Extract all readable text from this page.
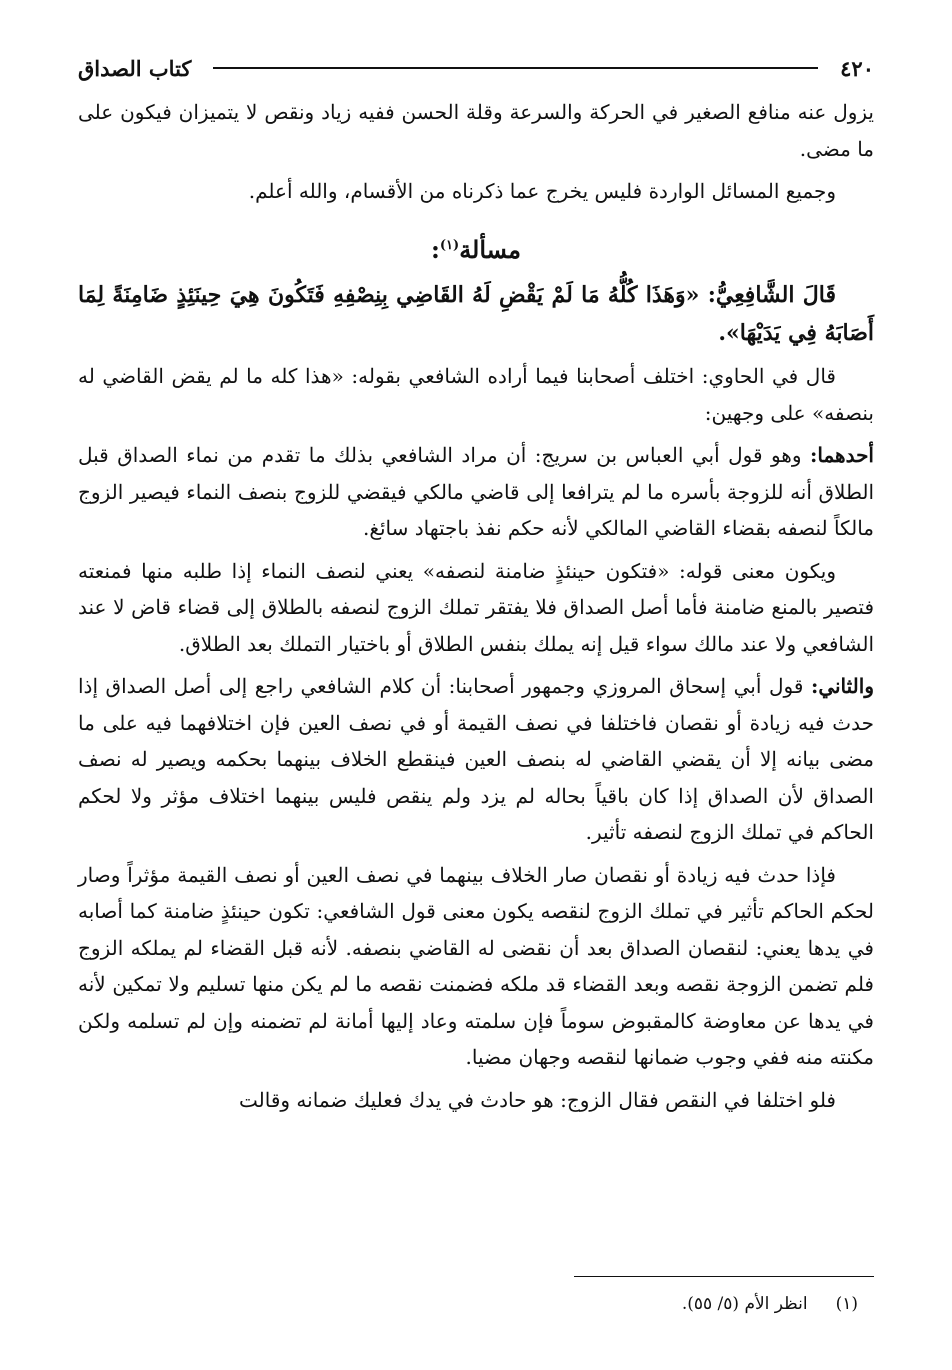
٤٢٠
كتاب الصداق

يزول عنه منافع الصغير في الحركة والسرعة وقلة الحسن ففيه زياد ونقص لا يتميزان فيكون على ما مضى.

وجميع المسائل الواردة فليس يخرج عما ذكرناه من الأقسام، والله أعلم.

مسألة$^{(١)}$:

قَالَ الشَّافِعِيُّ: «وَهَذَا كُلُّهُ مَا لَمْ يَقْضِ لَهُ القَاضِي بِنِصْفِهِ فَتَكُونَ هِيَ حِينَئِذٍ ضَامِنَةً لِمَا أَصَابَهُ فِي يَدَيْهَا».

قال في الحاوي: اختلف أصحابنا فيما أراده الشافعي بقوله: «هذا كله ما لم يقض القاضي له بنصفه» على وجهين:

أحدهما: وهو قول أبي العباس بن سريج: أن مراد الشافعي بذلك ما تقدم من نماء الصداق قبل الطلاق أنه للزوجة بأسره ما لم يترافعا إلى قاضي مالكي فيقضي للزوج بنصف النماء فيصير الزوج مالكاً لنصفه بقضاء القاضي المالكي لأنه حكم نفذ باجتهاد سائغ.

ويكون معنى قوله: «فتكون حينئذٍ ضامنة لنصفه» يعني لنصف النماء إذا طلبه منها فمنعته فتصير بالمنع ضامنة فأما أصل الصداق فلا يفتقر تملك الزوج لنصفه بالطلاق إلى قضاء قاض لا عند الشافعي ولا عند مالك سواء قيل إنه يملك بنفس الطلاق أو باختيار التملك بعد الطلاق.

والثاني: قول أبي إسحاق المروزي وجمهور أصحابنا: أن كلام الشافعي راجع إلى أصل الصداق إذا حدث فيه زيادة أو نقصان فاختلفا في نصف القيمة أو في نصف العين فإن اختلافهما فيه على ما مضى بيانه إلا أن يقضي القاضي له بنصف العين فينقطع الخلاف بينهما بحكمه ويصير له نصف الصداق لأن الصداق إذا كان باقياً بحاله لم يزد ولم ينقص فليس بينهما اختلاف مؤثر ولا لحكم الحاكم في تملك الزوج لنصفه تأثير.

فإذا حدث فيه زيادة أو نقصان صار الخلاف بينهما في نصف العين أو نصف القيمة مؤثراً وصار لحكم الحاكم تأثير في تملك الزوج لنقصه يكون معنى قول الشافعي: تكون حينئذٍ ضامنة كما أصابه في يدها يعني: لنقصان الصداق بعد أن نقضى له القاضي بنصفه. لأنه قبل القضاء لم يملكه الزوج فلم تضمن الزوجة نقصه وبعد القضاء قد ملكه فضمنت نقصه ما لم يكن منها تسليم ولا تمكين لأنه في يدها عن معاوضة كالمقبوض سوماً فإن سلمته وعاد إليها أمانة لم تضمنه وإن لم تسلمه ولكن مكنته منه ففي وجوب ضمانها لنقصه وجهان مضيا.

فلو اختلفا في النقص فقال الزوج: هو حادث في يدك فعليك ضمانه وقالت

(١)انظر الأم (٥/ ٥٥).
